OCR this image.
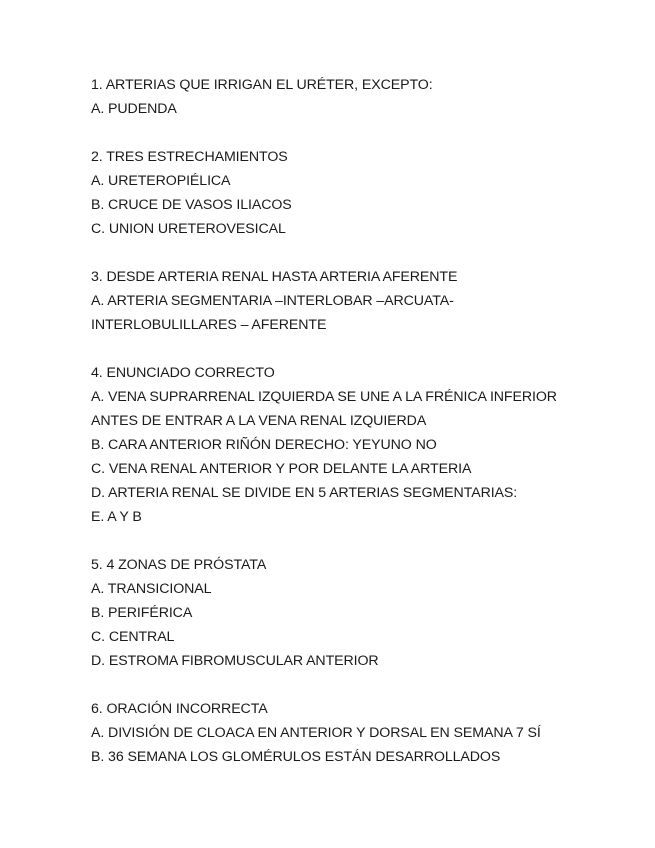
1. ARTERIAS QUE IRRIGAN EL URÉTER, EXCEPTO:
A. PUDENDA
2. TRES ESTRECHAMIENTOS
A. URETEROPIÉLICA
B. CRUCE DE VASOS ILIACOS
C. UNION URETEROVESICAL
3. DESDE ARTERIA RENAL HASTA ARTERIA AFERENTE
A. ARTERIA SEGMENTARIA –INTERLOBAR –ARCUATA-
INTERLOBULILLARES – AFERENTE
4. ENUNCIADO CORRECTO
A. VENA SUPRARRENAL IZQUIERDA SE UNE A LA FRÉNICA INFERIOR
ANTES DE ENTRAR A LA VENA RENAL IZQUIERDA
B. CARA ANTERIOR RIÑÓN DERECHO: YEYUNO NO
C. VENA RENAL ANTERIOR Y POR DELANTE LA ARTERIA
D. ARTERIA RENAL SE DIVIDE EN 5 ARTERIAS SEGMENTARIAS:
E. A Y B
5. 4 ZONAS DE PRÓSTATA
A. TRANSICIONAL
B. PERIFÉRICA
C. CENTRAL
D. ESTROMA FIBROMUSCULAR ANTERIOR
6. ORACIÓN INCORRECTA
A. DIVISIÓN DE CLOACA EN ANTERIOR Y DORSAL EN SEMANA 7 SÍ
B. 36 SEMANA LOS GLOMÉRULOS ESTÁN DESARROLLADOS
